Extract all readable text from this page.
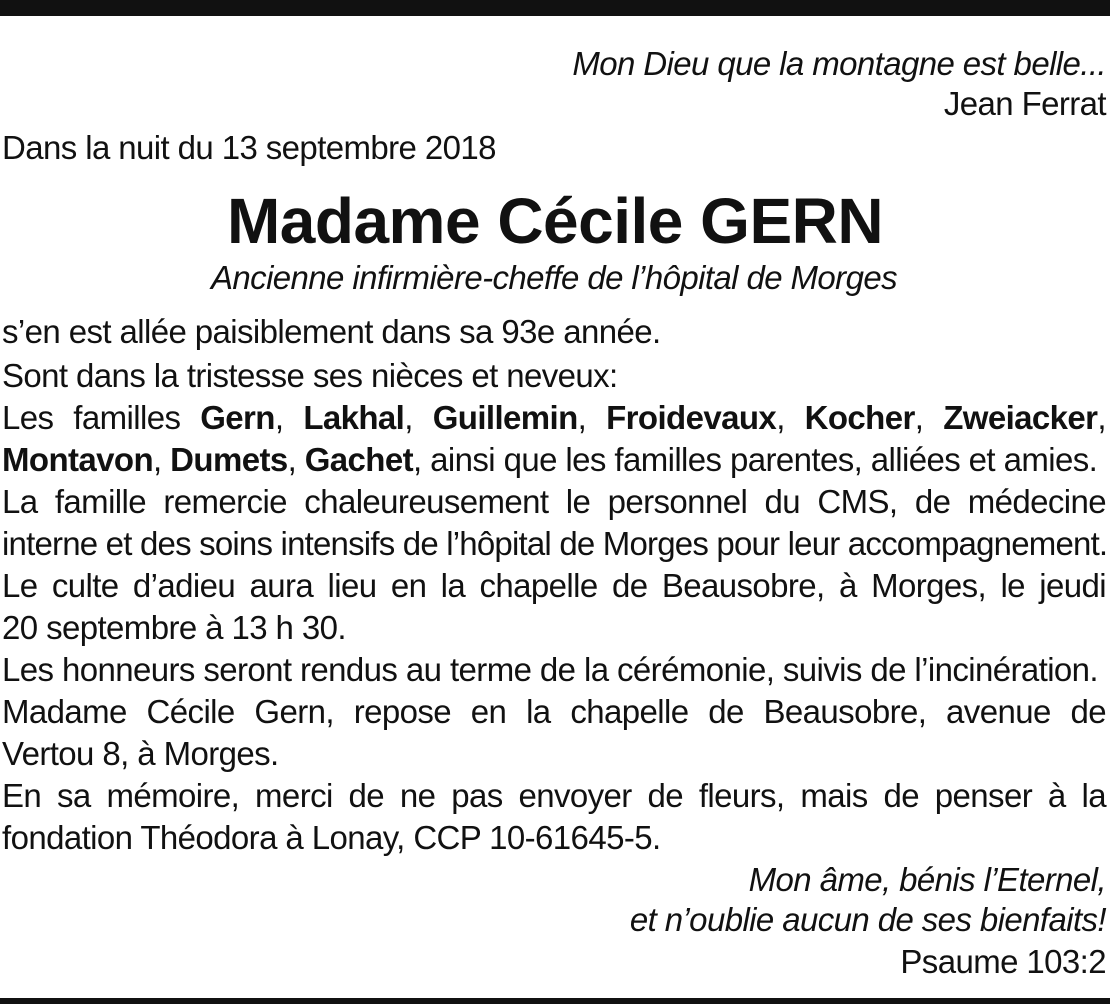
Mon Dieu que la montagne est belle...
Jean Ferrat
Dans la nuit du 13 septembre 2018
Madame Cécile GERN
Ancienne infirmière-cheffe de l’hôpital de Morges
s’en est allée paisiblement dans sa 93e année.
Sont dans la tristesse ses nièces et neveux:
Les familles Gern, Lakhal, Guillemin, Froidevaux, Kocher, Zweiacker,
Montavon, Dumets, Gachet, ainsi que les familles parentes, alliées et amies.
La famille remercie chaleureusement le personnel du CMS, de médecine
interne et des soins intensifs de l’hôpital de Morges pour leur accompagnement.
Le culte d’adieu aura lieu en la chapelle de Beausobre, à Morges, le jeudi
20 septembre à 13 h 30.
Les honneurs seront rendus au terme de la cérémonie, suivis de l’incinération.
Madame Cécile Gern, repose en la chapelle de Beausobre, avenue de
Vertou 8, à Morges.
En sa mémoire, merci de ne pas envoyer de fleurs, mais de penser à la
fondation Théodora à Lonay, CCP 10-61645-5.
Mon âme, bénis l’Eternel,
et n’oublie aucun de ses bienfaits!
Psaume 103:2
